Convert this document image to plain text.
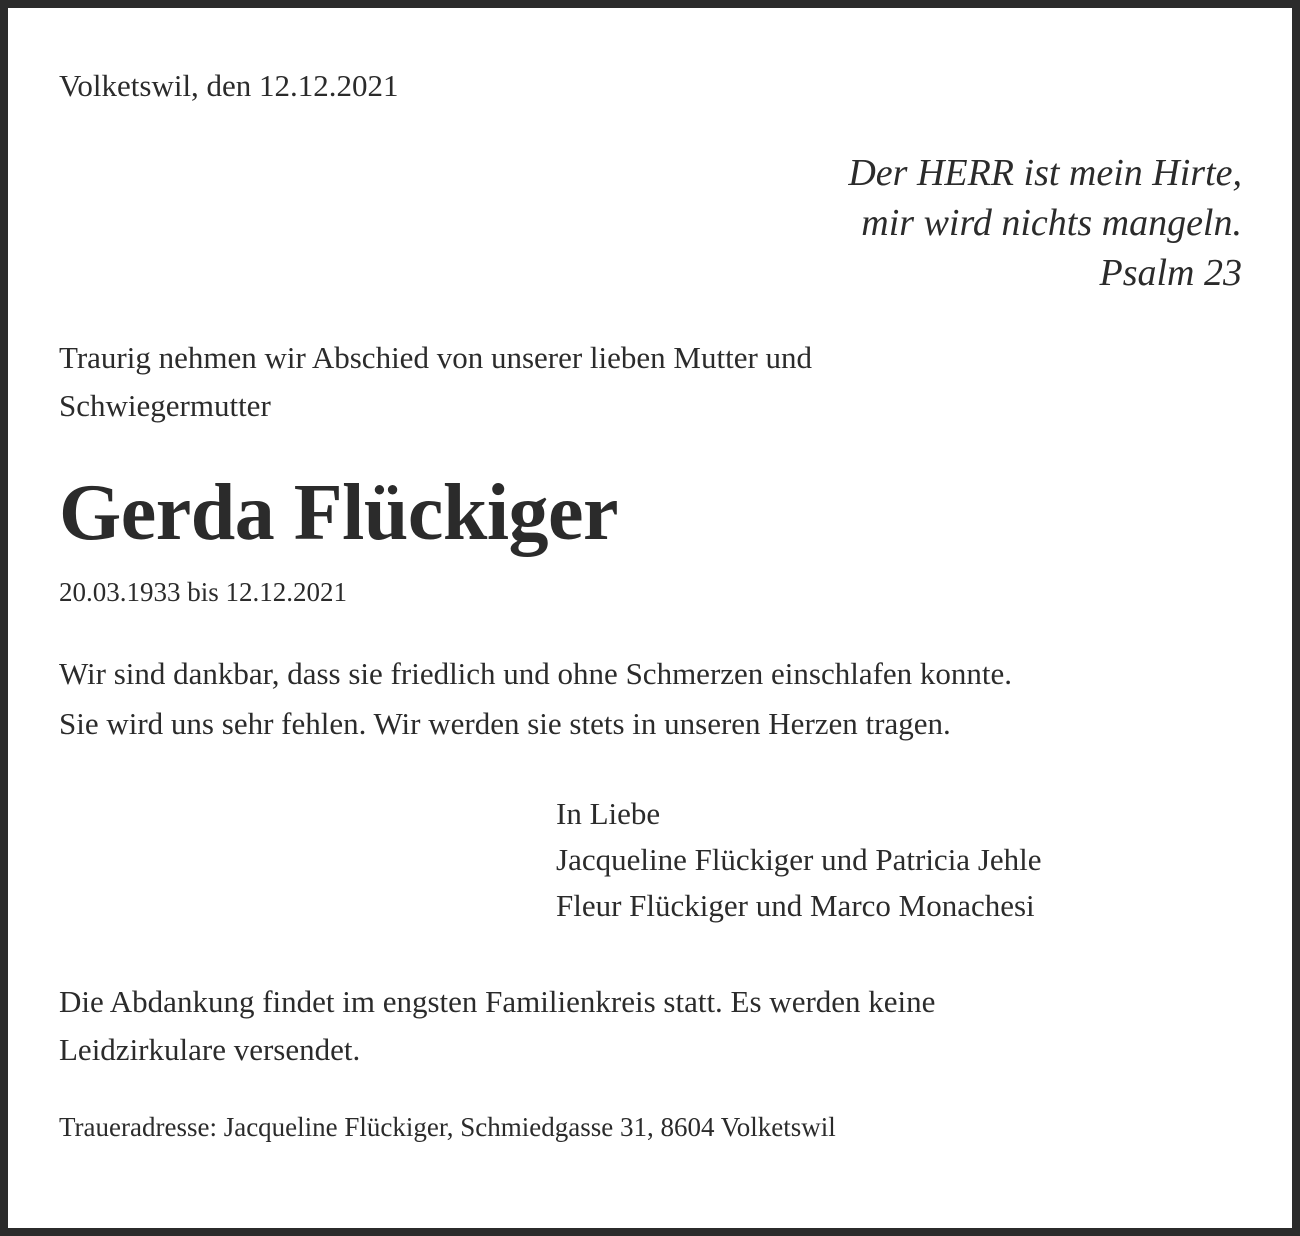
Volketswil, den 12.12.2021

Der HERR ist mein Hirte,
mir wird nichts mangeln.
Psalm 23
Traurig nehmen wir Abschied von unserer lieben Mutter und
Schwiegermutter
Gerda Flückiger

20.03.1933 bis 12.12.2021

Wir sind dankbar, dass sie friedlich und ohne Schmerzen einschlafen konnte.
Sie wird uns sehr fehlen. Wir werden sie stets in unseren Herzen tragen.
In Liebe
Jacqueline Flückiger und Patricia Jehle
Fleur Flückiger und Marco Monachesi
Die Abdankung findet im engsten Familienkreis statt. Es werden keine
Leidzirkulare versendet.

Traueradresse: Jacqueline Flückiger, Schmiedgasse 31, 8604 Volketswil
